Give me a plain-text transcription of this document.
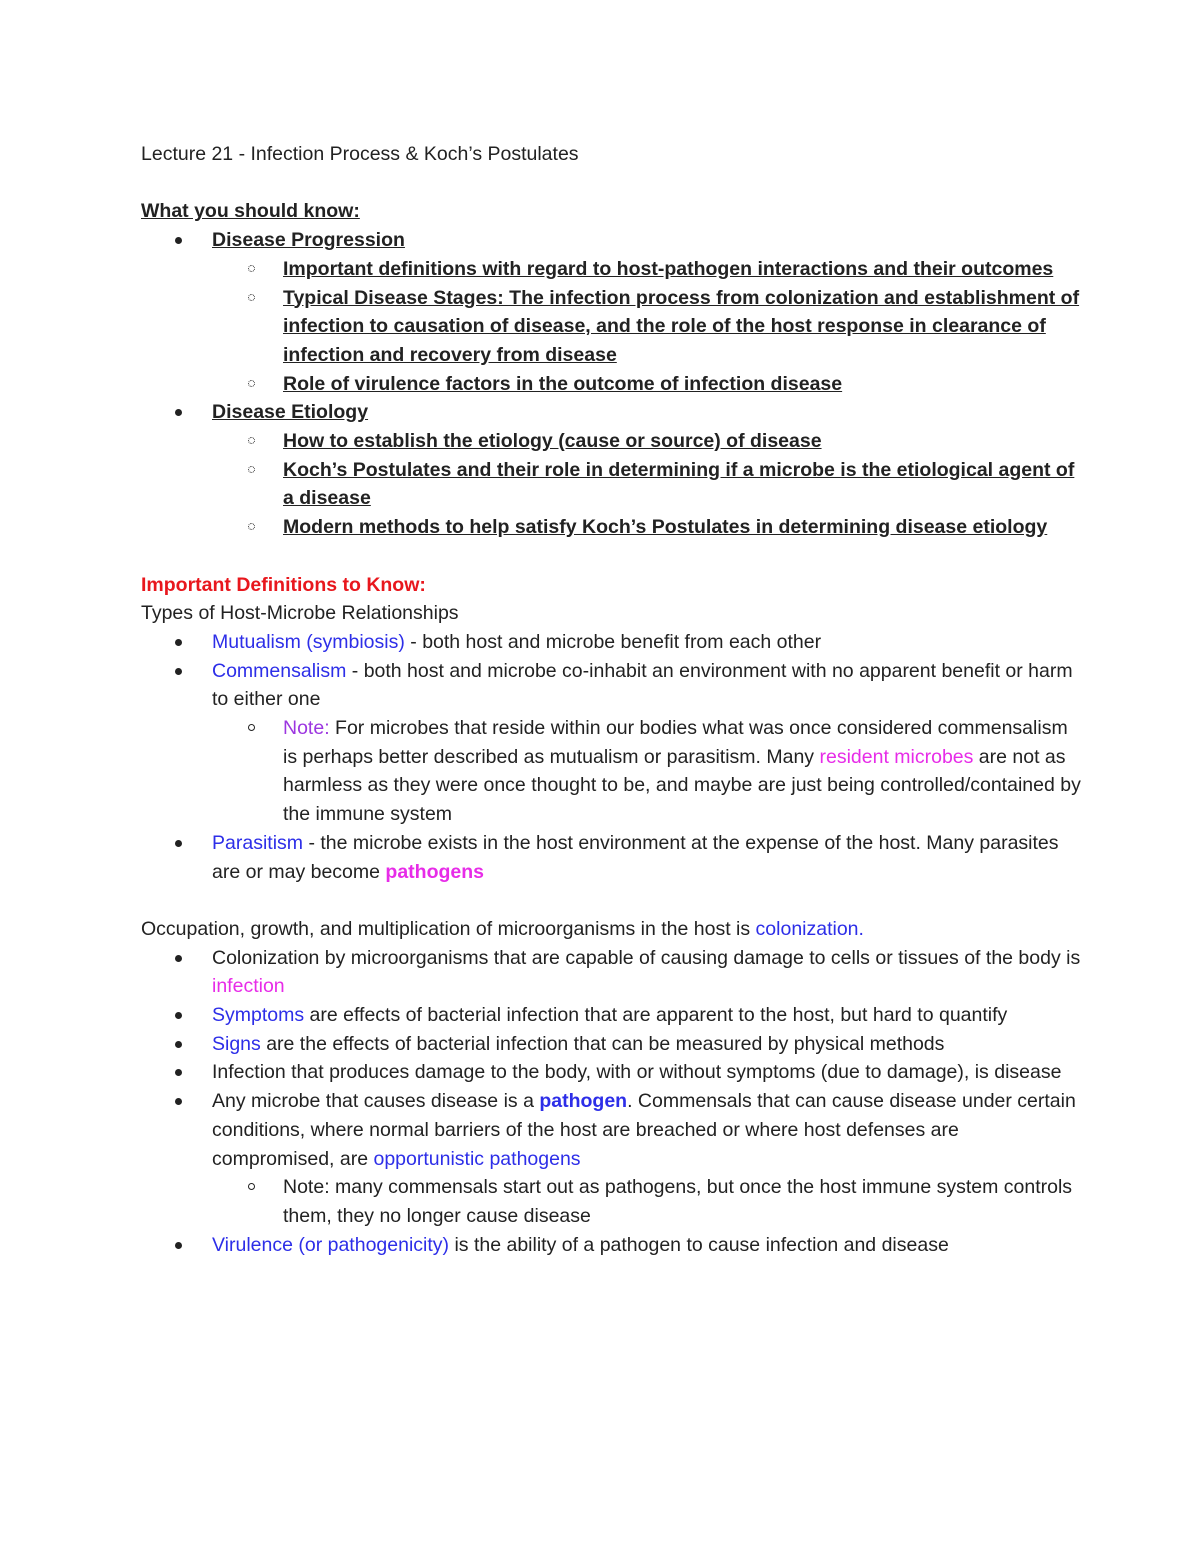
Lecture 21 - Infection Process & Koch’s Postulates
What you should know:
Disease Progression
Important definitions with regard to host-pathogen interactions and their outcomes
Typical Disease Stages: The infection process from colonization and establishment of infection to causation of disease, and the role of the host response in clearance of infection and recovery from disease
Role of virulence factors in the outcome of infection disease
Disease Etiology
How to establish the etiology (cause or source) of disease
Koch’s Postulates and their role in determining if a microbe is the etiological agent of a disease
Modern methods to help satisfy Koch’s Postulates in determining disease etiology
Important Definitions to Know:
Types of Host-Microbe Relationships
Mutualism (symbiosis) - both host and microbe benefit from each other
Commensalism - both host and microbe co-inhabit an environment with no apparent benefit or harm to either one
Note: For microbes that reside within our bodies what was once considered commensalism is perhaps better described as mutualism or parasitism. Many resident microbes are not as harmless as they were once thought to be, and maybe are just being controlled/contained by the immune system
Parasitism - the microbe exists in the host environment at the expense of the host. Many parasites are or may become pathogens
Occupation, growth, and multiplication of microorganisms in the host is colonization.
Colonization by microorganisms that are capable of causing damage to cells or tissues of the body is infection
Symptoms are effects of bacterial infection that are apparent to the host, but hard to quantify
Signs are the effects of bacterial infection that can be measured by physical methods
Infection that produces damage to the body, with or without symptoms (due to damage), is disease
Any microbe that causes disease is a pathogen. Commensals that can cause disease under certain conditions, where normal barriers of the host are breached or where host defenses are compromised, are opportunistic pathogens
Note: many commensals start out as pathogens, but once the host immune system controls them, they no longer cause disease
Virulence (or pathogenicity) is the ability of a pathogen to cause infection and disease
